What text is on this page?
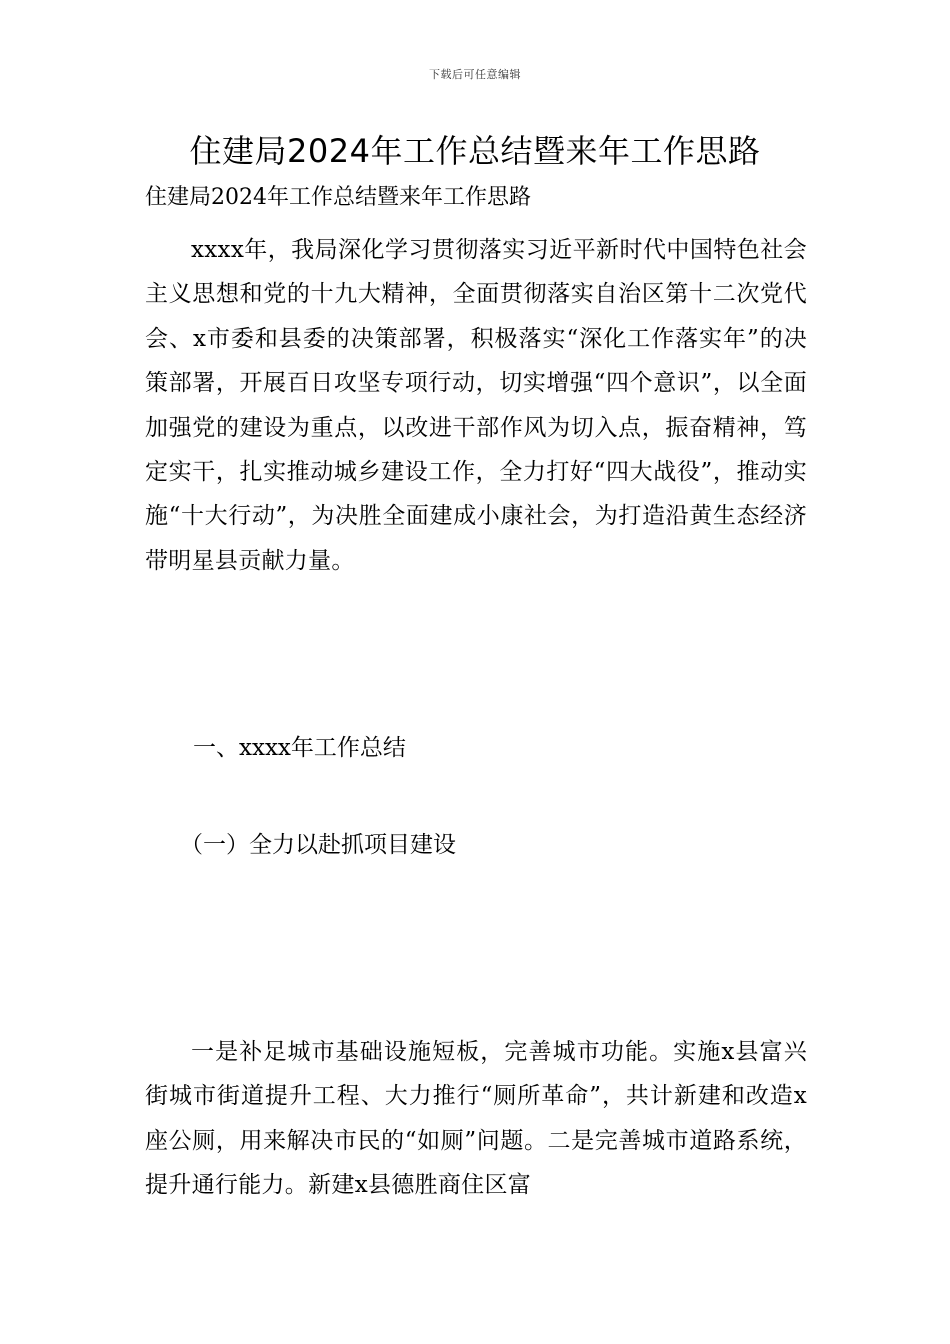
下载后可任意编辑
住建局2024年工作总结暨来年工作思路
住建局2024年工作总结暨来年工作思路

xxxx年，我局深化学习贯彻落实习近平新时代中国特色社会主义思想和党的十九大精神，全面贯彻落实自治区第十二次党代会、x市委和县委的决策部署，积极落实“深化工作落实年”的决策部署，开展百日攻坚专项行动，切实增强“四个意识”，以全面加强党的建设为重点，以改进干部作风为切入点，振奋精神，笃定实干，扎实推动城乡建设工作，全力打好“四大战役”，推动实施“十大行动”，为决胜全面建成小康社会，为打造沿黄生态经济带明星县贡献力量。

一、xxxx年工作总结
（一）全力以赴抓项目建设

一是补足城市基础设施短板，完善城市功能。实施x县富兴街城市街道提升工程、大力推行“厕所革命”，共计新建和改造x座公厕，用来解决市民的“如厕”问题。二是完善城市道路系统，提升通行能力。新建x县德胜商住区富
